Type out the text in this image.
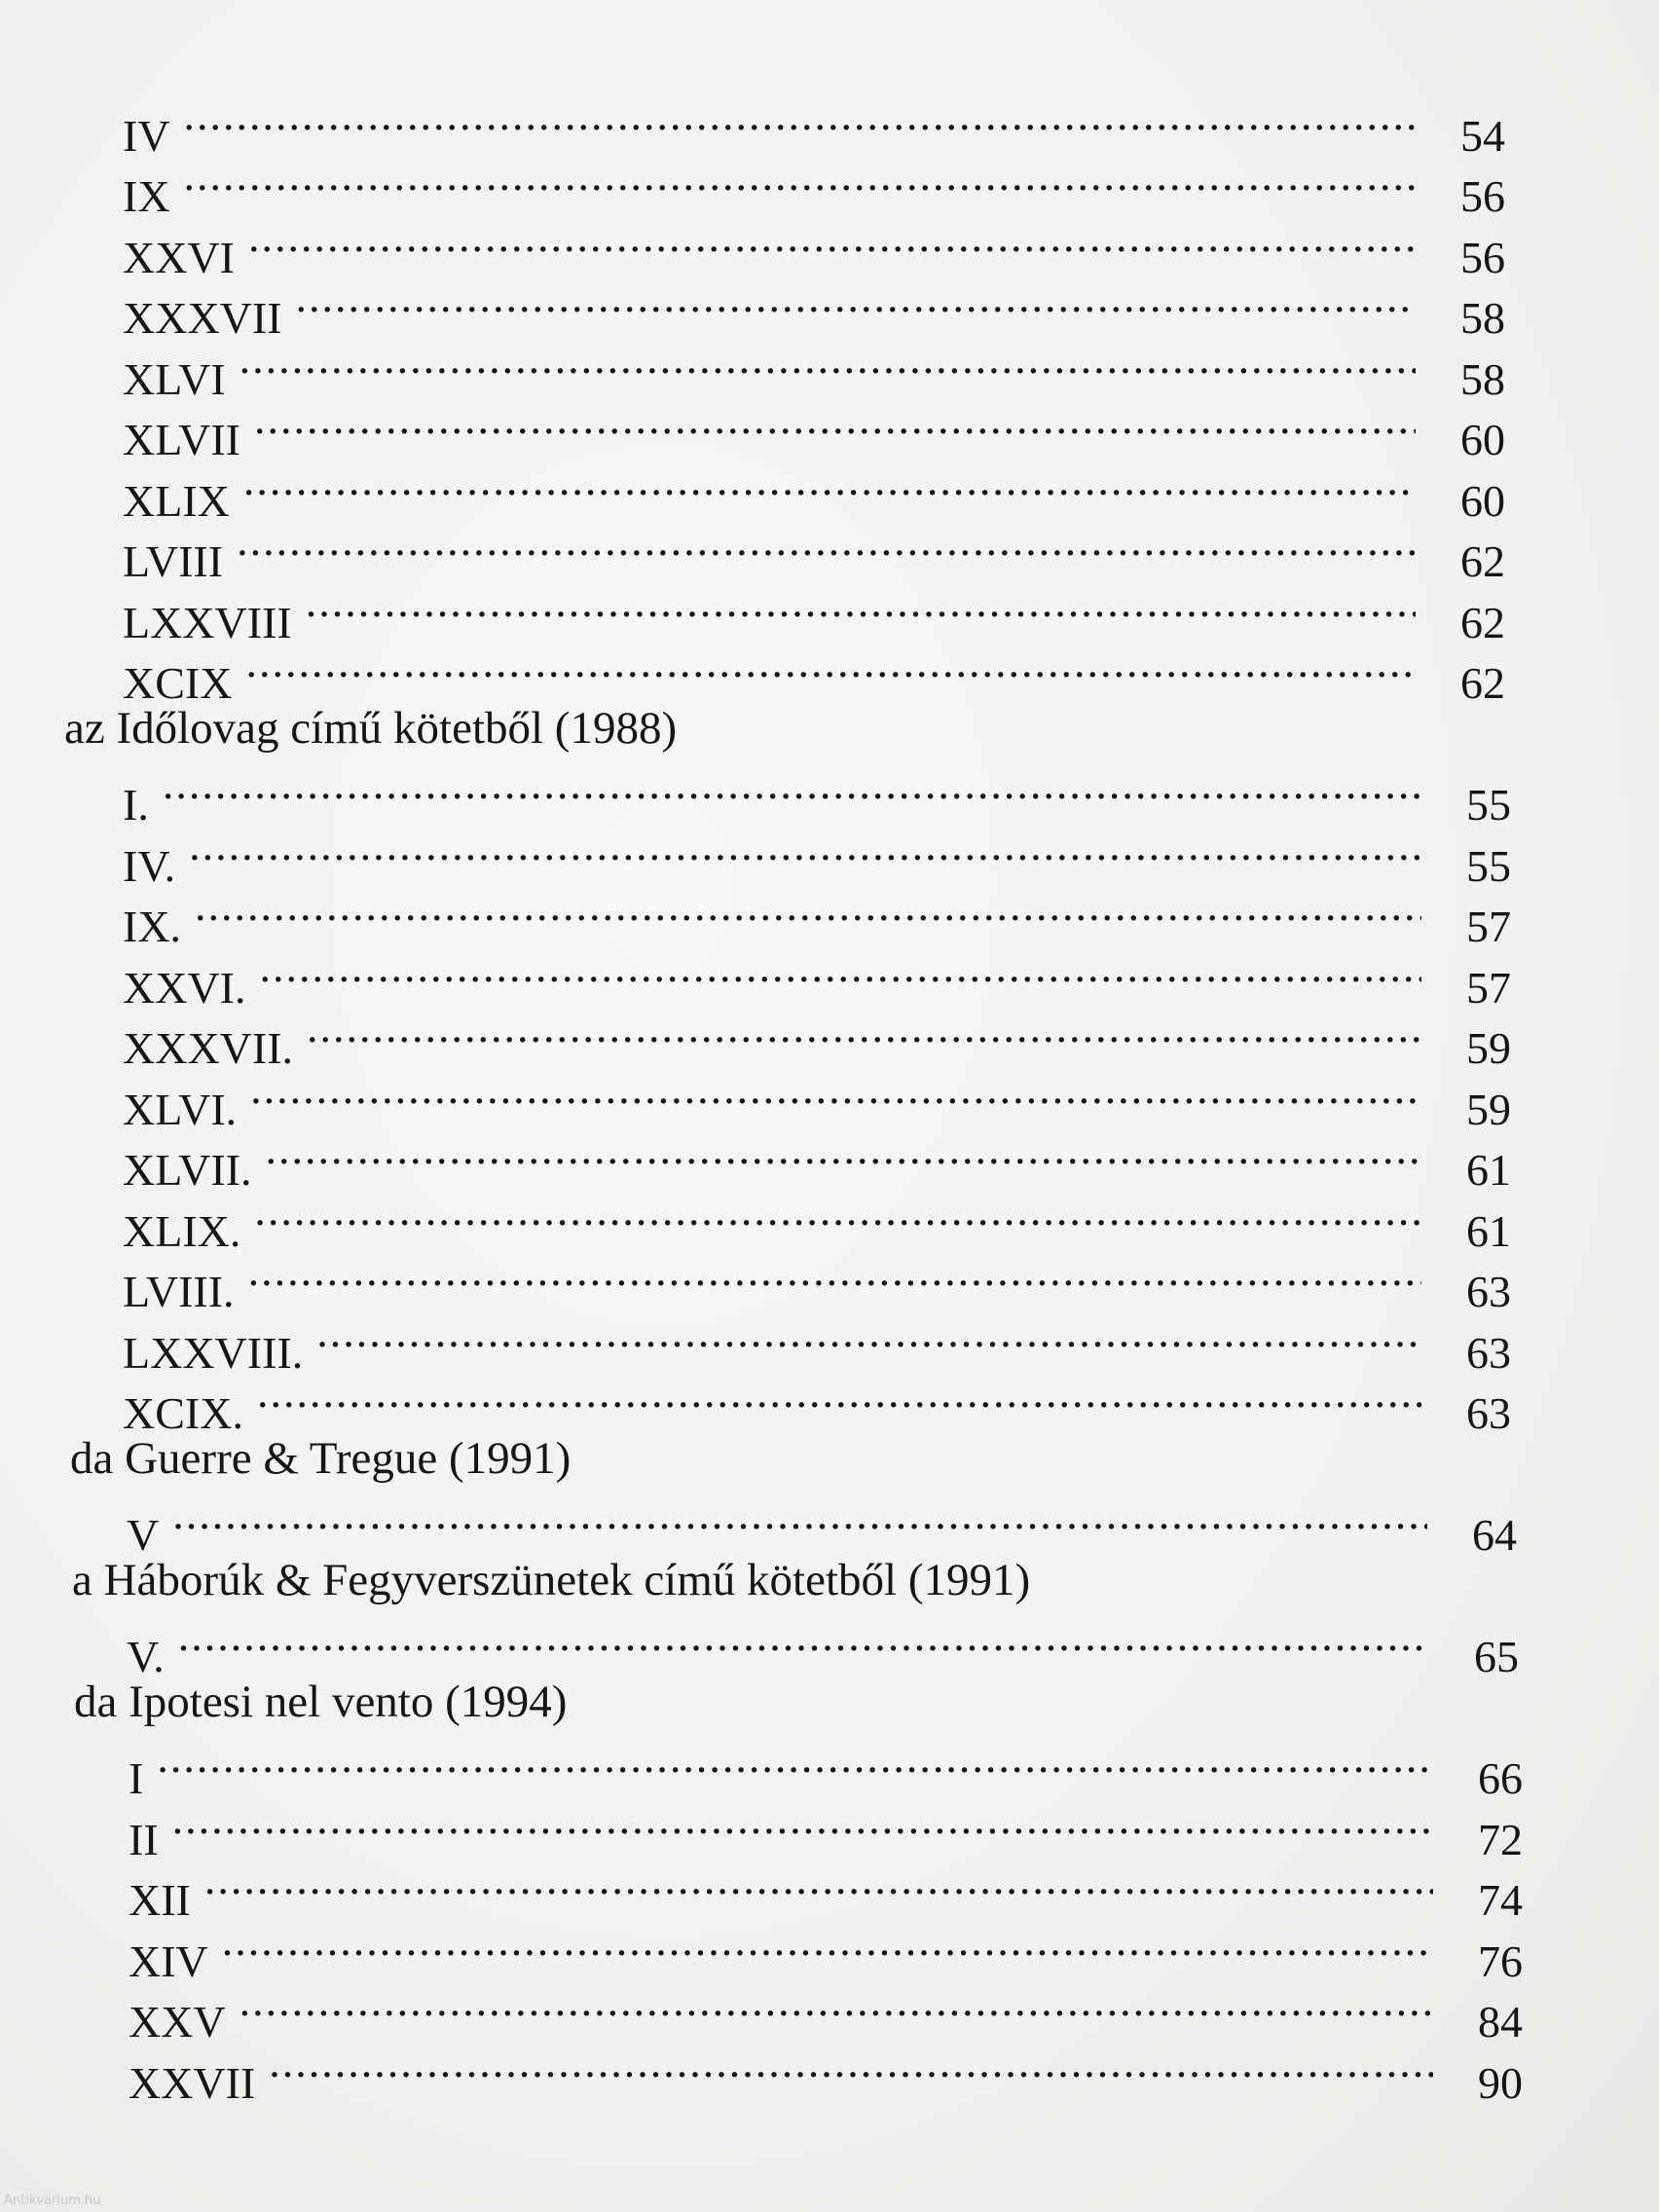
IV .....	54
IX .....	56
XXVI .....	56
XXXVII .....	58
XLVI .....	58
XLVII .....	60
XLIX .....	60
LVIII .....	62
LXXVIII .....	62
XCIX .....	62
az Időlovag című kötetből (1988)
I. .....	55
IV. .....	55
IX. .....	57
XXVI. .....	57
XXXVII. .....	59
XLVI. .....	59
XLVII. .....	61
XLIX. .....	61
LVIII. .....	63
LXXVIII. .....	63
XCIX. .....	63
da Guerre & Tregue (1991)
V .....	64
a Háborúk & Fegyverszünetek című kötetből (1991)
V. .....	65
da Ipotesi nel vento (1994)
I .....	66
II .....	72
XII .....	74
XIV .....	76
XXV .....	84
XXVII .....	90
Antikvarium.hu
